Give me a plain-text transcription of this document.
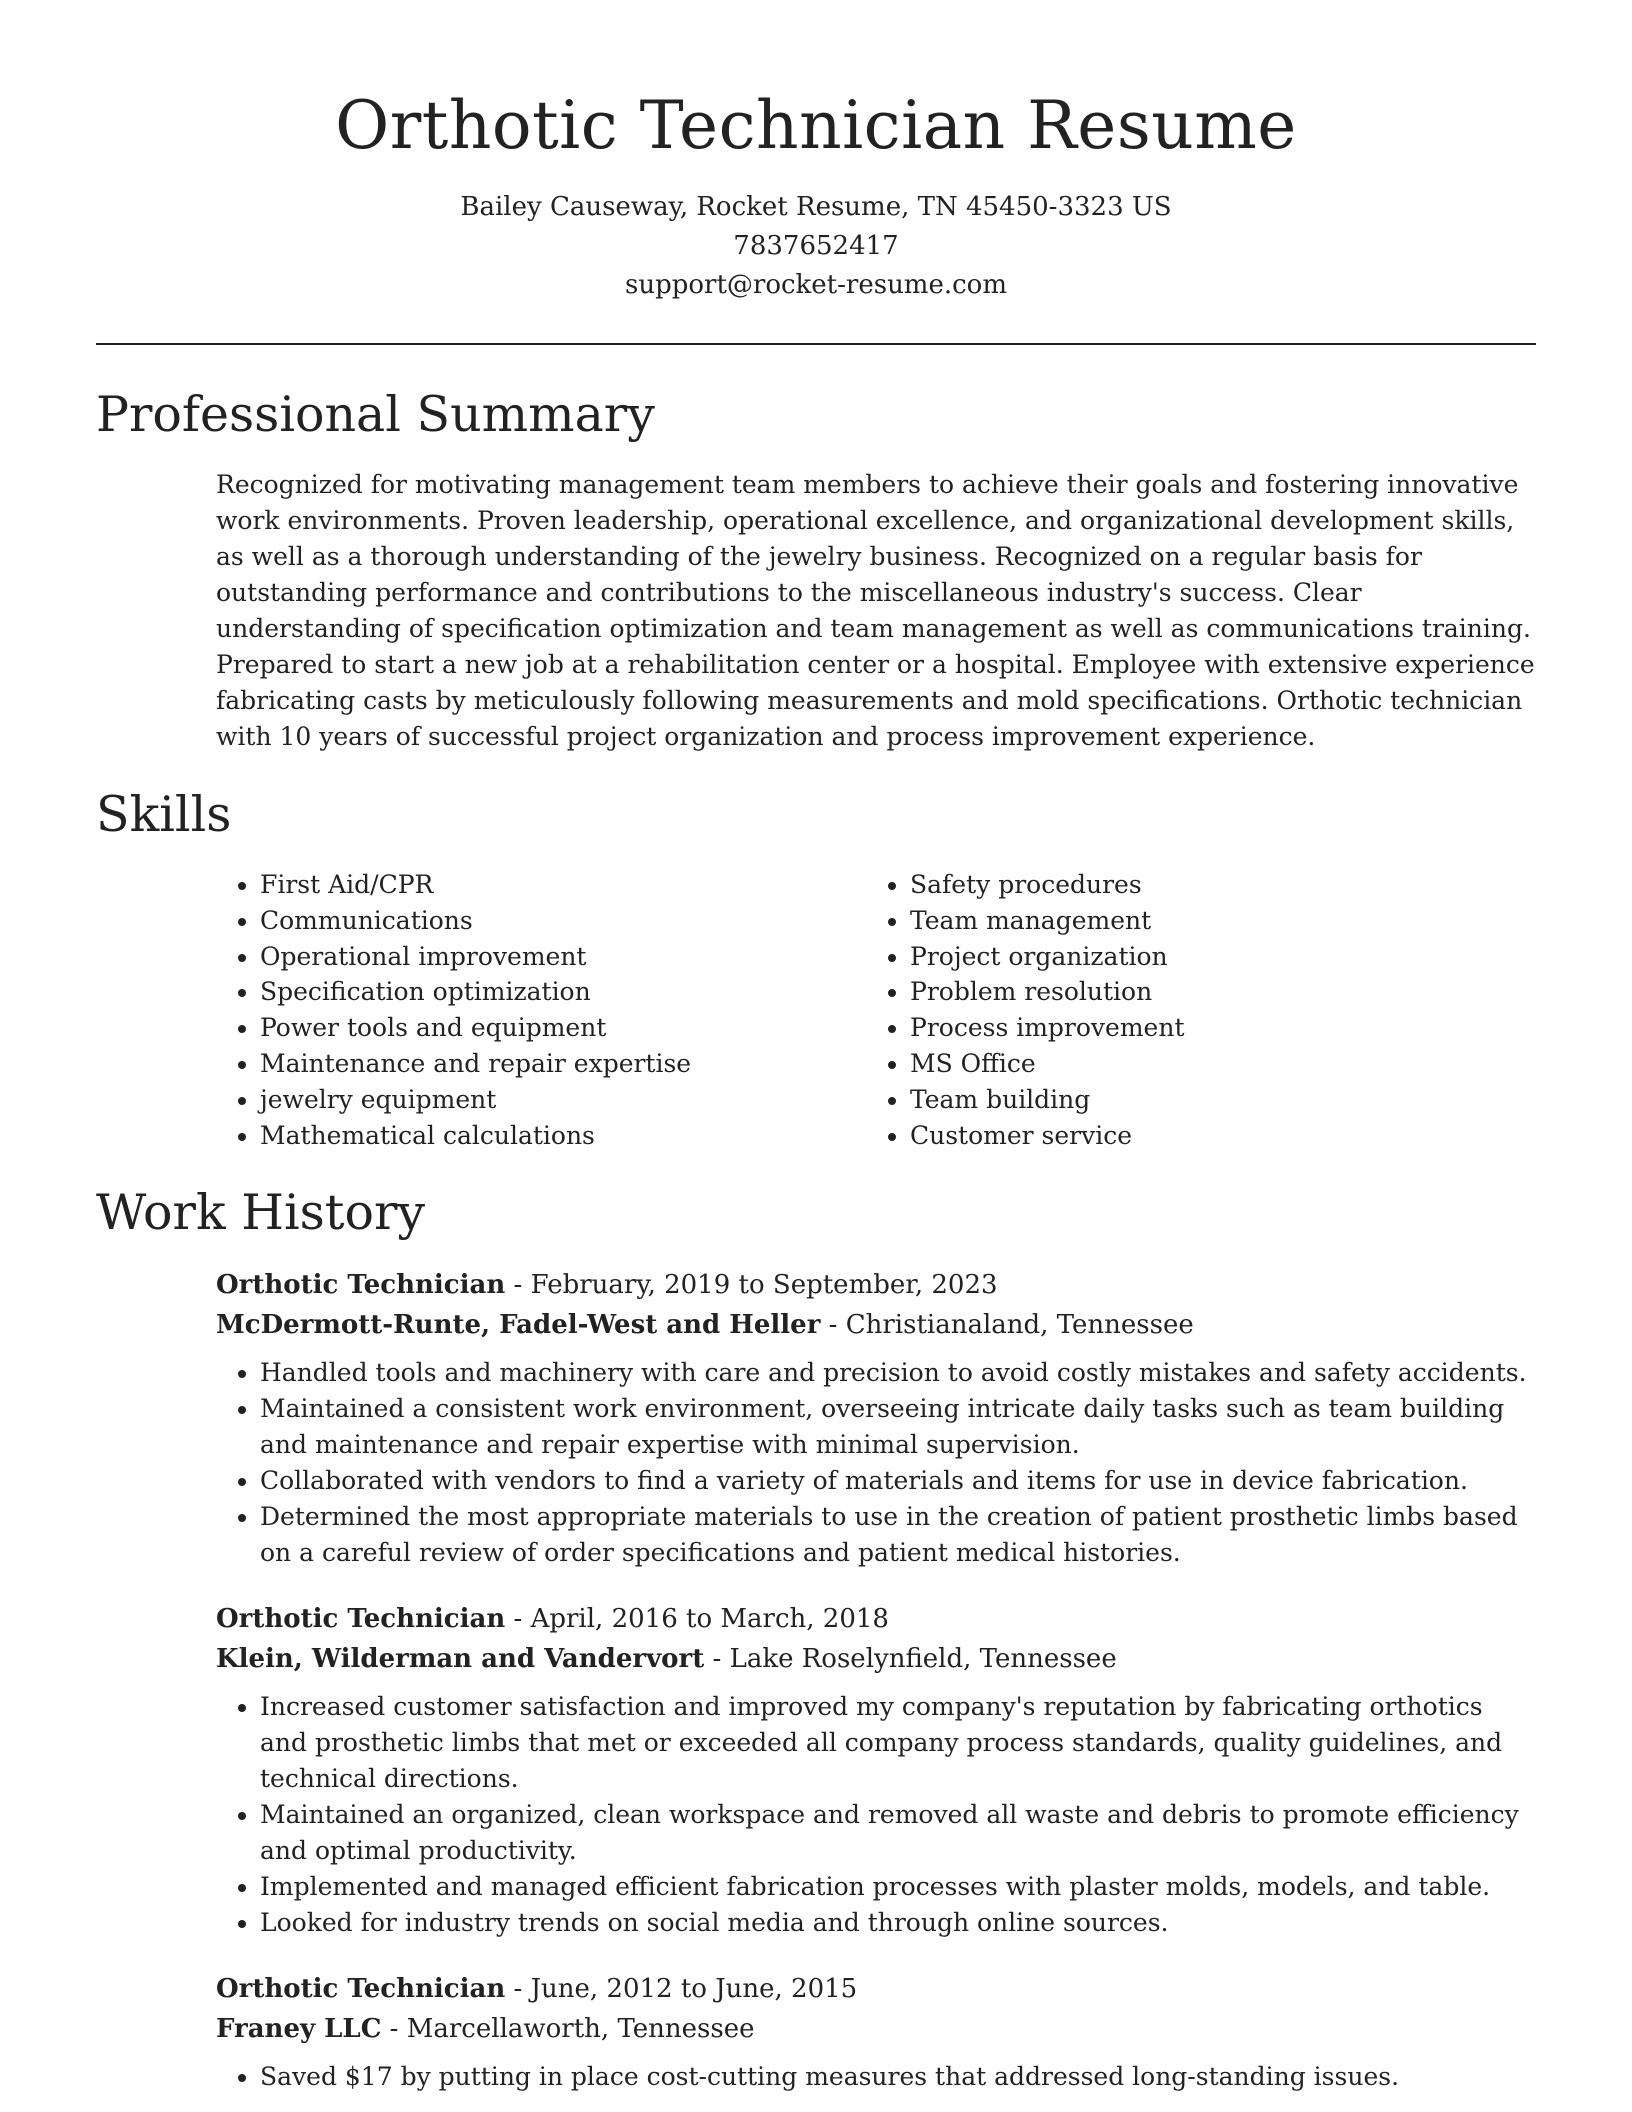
Orthotic Technician Resume

Bailey Causeway, Rocket Resume, TN 45450-3323 US

7837652417

support@rocket-resume.com

Professional Summary

Recognized for motivating management team members to achieve their goals and fostering innovative work environments. Proven leadership, operational excellence, and organizational development skills, as well as a thorough understanding of the jewelry business. Recognized on a regular basis for outstanding performance and contributions to the miscellaneous industry's success. Clear understanding of specification optimization and team management as well as communications training. Prepared to start a new job at a rehabilitation center or a hospital. Employee with extensive experience fabricating casts by meticulously following measurements and mold specifications. Orthotic technician with 10 years of successful project organization and process improvement experience.

Skills
• First Aid/CPR
• Communications
• Operational improvement
• Specification optimization
• Power tools and equipment
• Maintenance and repair expertise
• jewelry equipment
• Mathematical calculations
• Safety procedures
• Team management
• Project organization
• Problem resolution
• Process improvement
• MS Office
• Team building
• Customer service
Work History

Orthotic Technician - February, 2019 to September, 2023

McDermott-Runte, Fadel-West and Heller - Christianaland, Tennessee

• Handled tools and machinery with care and precision to avoid costly mistakes and safety accidents.
• Maintained a consistent work environment, overseeing intricate daily tasks such as team building and maintenance and repair expertise with minimal supervision.
• Collaborated with vendors to find a variety of materials and items for use in device fabrication.
• Determined the most appropriate materials to use in the creation of patient prosthetic limbs based on a careful review of order specifications and patient medical histories.

Orthotic Technician - April, 2016 to March, 2018

Klein, Wilderman and Vandervort - Lake Roselynfield, Tennessee

• Increased customer satisfaction and improved my company's reputation by fabricating orthotics and prosthetic limbs that met or exceeded all company process standards, quality guidelines, and technical directions.
• Maintained an organized, clean workspace and removed all waste and debris to promote efficiency and optimal productivity.
• Implemented and managed efficient fabrication processes with plaster molds, models, and table.
• Looked for industry trends on social media and through online sources.

Orthotic Technician - June, 2012 to June, 2015

Franey LLC - Marcellaworth, Tennessee

• Saved $17 by putting in place cost-cutting measures that addressed long-standing issues.
